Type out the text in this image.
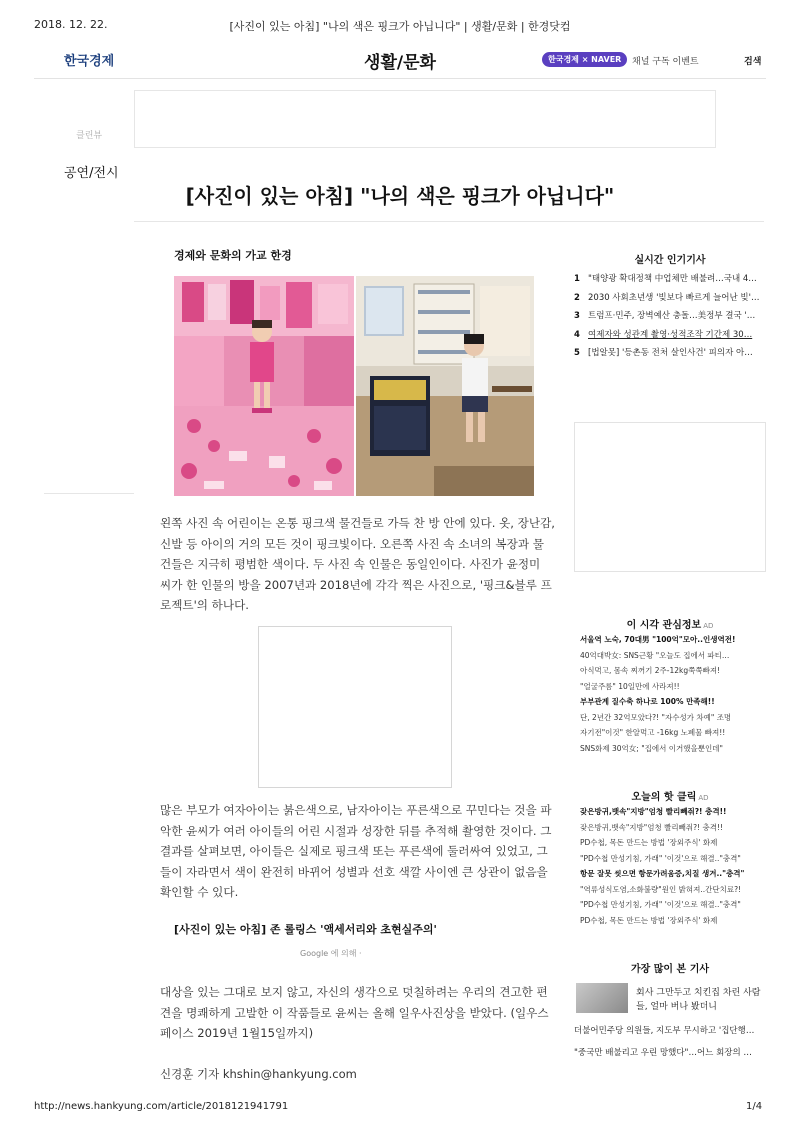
2018. 12. 22.	[사진이 있는 아침] "나의 색은 핑크가 아닙니다" | 생활/문화 | 한경닷컴
한국경제	생활/문화	한국경제 × NAVER	채널 구독 이벤트	검색
클린뷰
공연/전시
[사진이 있는 아침] "나의 색은 핑크가 아닙니다"
경제와 문화의 가교 한경
왼쪽 사진 속 어린이는 온통 핑크색 물건들로 가득 찬 방 안에 있다. 옷, 장난감, 신발 등 아이의 거의 모든 것이 핑크빛이다. 오른쪽 사진 속 소녀의 복장과 물건들은 지극히 평범한 색이다. 두 사진 속 인물은 동일인이다. 사진가 윤정미 씨가 한 인물의 방을 2007년과 2018년에 각각 찍은 사진으로, '핑크&블루 프로젝트'의 하나다.
많은 부모가 여자아이는 붉은색으로, 남자아이는 푸른색으로 꾸민다는 것을 파악한 윤씨가 여러 아이들의 어린 시절과 성장한 뒤를 추적해 촬영한 것이다. 그 결과를 살펴보면, 아이들은 실제로 핑크색 또는 푸른색에 둘러싸여 있었고, 그들이 자라면서 색이 완전히 바뀌어 성별과 선호 색깔 사이엔 큰 상관이 없음을 확인할 수 있다.
[사진이 있는 아침] 존 롤링스 '액세서리와 초현실주의'
Google 에 의해 ·
대상을 있는 그대로 보지 않고, 자신의 생각으로 덧칠하려는 우리의 견고한 편견을 명쾌하게 고발한 이 작품들로 윤씨는 올해 일우사진상을 받았다. (일우스페이스 2019년 1월15일까지)
신경훈 기자 khshin@hankyung.com
실시간 인기기사
1 "태양광 확대정책 中업체만 배불려…국내 4…
2 2030 사회초년생 '빚보다 빠르게 늘어난 빚'…
3 트럼프·민주, 장벽예산 충돌…美정부 결국 '…
4 여제자와 성관계 촬영·성적조작 기간제 30…
5 [법알못] '등촌동 전처 살인사건' 피의자 아…
이 시각 관심정보 AD
서울역 노숙, 70대男 "100억"모아..인생역전!
40억대박女: SNS근황 "오늘도 집에서 파티…
아식먹고, 몸속 찌꺼기 2주-12kg쭉쭉빠져!
"얼굴주름" 10일만에 사라져!!
부부관계 질수축 하나로 100% 만족해!!
단, 2년간 32억모았다?! "자수성가 차예" 조명
자기전"이것" 한알먹고 -16kg 노폐물 빠져!!
SNS화제 30억女; "집에서 이거했을뿐인데"
오늘의 핫 클릭 AD
잦은방귀,뱃속"지방"엄청 빨리빼줘?! 충격!!
잦은방귀,뱃속"지방"엄청 빨리빼줘?! 충격!!
PD수첩, 목돈 만드는 방법 '장외주식' 화제
"PD수첩 만성기침, 가래" '이것'으로 해결.."충격"
항문 잘못 씻으면 항문가려움증,치질 생겨.."충격"
"역류성식도염,소화불량"원인 밝혀져..간단치료?!
"PD수첩 만성기침, 가래" '이것'으로 해결.."충격"
PD수첩, 목돈 만드는 방법 '장외주식' 화제
가장 많이 본 기사
회사 그만두고 치킨집 차린 사람들, 얼마 버나 봤더니
더불어민주당 의원들, 지도부 무시하고 '집단행…
"중국만 배불리고 우린 망했다"…어느 회장의 …
http://news.hankyung.com/article/2018121941791	1/4
